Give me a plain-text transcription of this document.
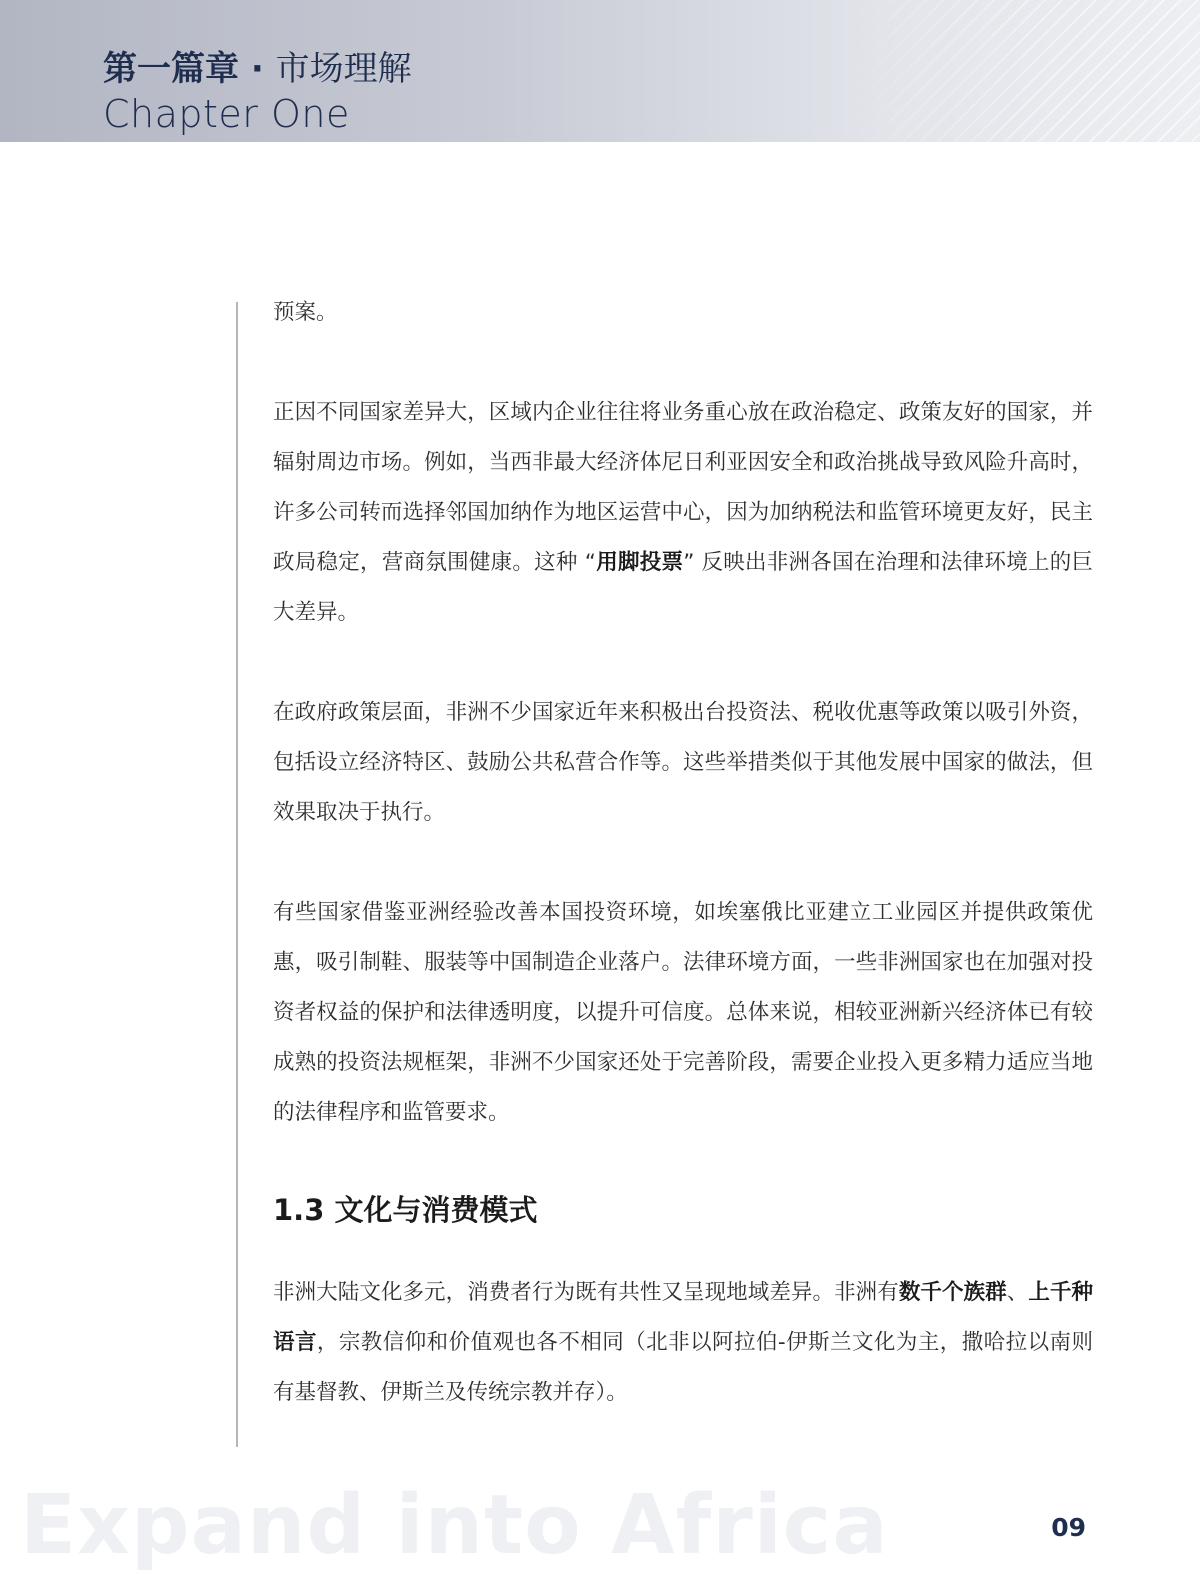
第一篇章 · 市场理解
Chapter One

预案。

正因不同国家差异大，区域内企业往往将业务重心放在政治稳定、政策友好的国家，并辐射周边市场。例如，当西非最大经济体尼日利亚因安全和政治挑战导致风险升高时，许多公司转而选择邻国加纳作为地区运营中心，因为加纳税法和监管环境更友好，民主政局稳定，营商氛围健康。这种 “用脚投票” 反映出非洲各国在治理和法律环境上的巨大差异。

在政府政策层面，非洲不少国家近年来积极出台投资法、税收优惠等政策以吸引外资，包括设立经济特区、鼓励公共私营合作等。这些举措类似于其他发展中国家的做法，但效果取决于执行。

有些国家借鉴亚洲经验改善本国投资环境，如埃塞俄比亚建立工业园区并提供政策优惠，吸引制鞋、服装等中国制造企业落户。法律环境方面，一些非洲国家也在加强对投资者权益的保护和法律透明度，以提升可信度。总体来说，相较亚洲新兴经济体已有较成熟的投资法规框架，非洲不少国家还处于完善阶段，需要企业投入更多精力适应当地的法律程序和监管要求。

1.3 文化与消费模式

非洲大陆文化多元，消费者行为既有共性又呈现地域差异。非洲有数千个族群、上千种语言，宗教信仰和价值观也各不相同（北非以阿拉伯-伊斯兰文化为主，撒哈拉以南则有基督教、伊斯兰及传统宗教并存）。

Expand into Africa	09
